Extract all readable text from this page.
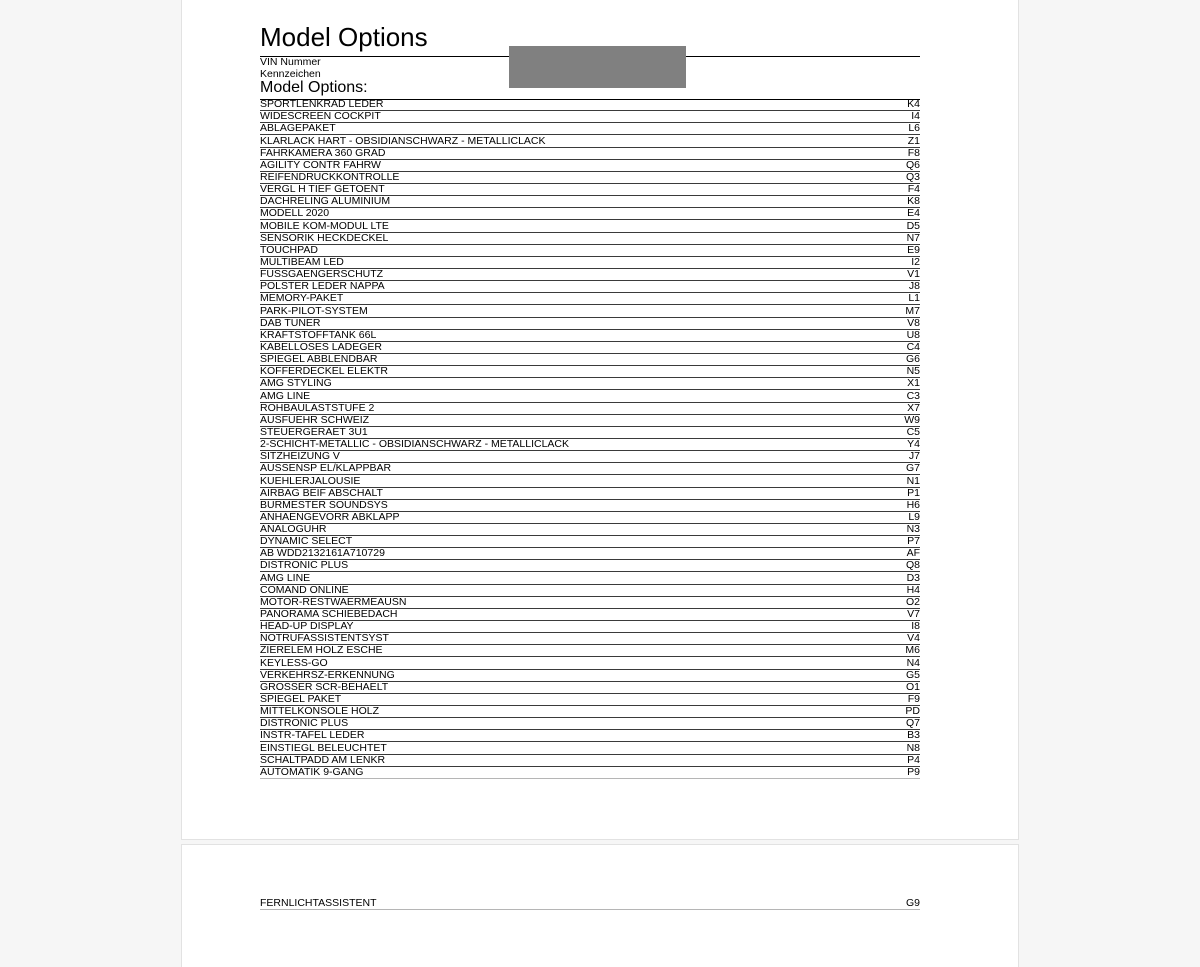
Model Options
VIN Nummer
Kennzeichen
Model Options:
SPORTLENKRAD LEDER	K4
WIDESCREEN COCKPIT	I4
ABLAGEPAKET	L6
KLARLACK HART - OBSIDIANSCHWARZ - METALLICLACK	Z1
FAHRKAMERA 360 GRAD	F8
AGILITY CONTR FAHRW	Q6
REIFENDRUCKKONTROLLE	Q3
VERGL H TIEF GETOENT	F4
DACHRELING ALUMINIUM	K8
MODELL 2020	E4
MOBILE KOM-MODUL LTE	D5
SENSORIK HECKDECKEL	N7
TOUCHPAD	E9
MULTIBEAM LED	I2
FUSSGAENGERSCHUTZ	V1
POLSTER LEDER NAPPA	J8
MEMORY-PAKET	L1
PARK-PILOT-SYSTEM	M7
DAB TUNER	V8
KRAFTSTOFFTANK 66L	U8
KABELLOSES LADEGER	C4
SPIEGEL ABBLENDBAR	G6
KOFFERDECKEL ELEKTR	N5
AMG STYLING	X1
AMG LINE	C3
ROHBAULASTSTUFE 2	X7
AUSFUEHR SCHWEIZ	W9
STEUERGERAET 3U1	C5
2-SCHICHT-METALLIC - OBSIDIANSCHWARZ - METALLICLACK	Y4
SITZHEIZUNG V	J7
AUSSENSP EL/KLAPPBAR	G7
KUEHLERJALOUSIE	N1
AIRBAG BEIF ABSCHALT	P1
BURMESTER SOUNDSYS	H6
ANHAENGEVORR ABKLAPP	L9
ANALOGUHR	N3
DYNAMIC SELECT	P7
AB WDD2132161A710729	AF
DISTRONIC PLUS	Q8
AMG LINE	D3
COMAND ONLINE	H4
MOTOR-RESTWAERMEAUSN	O2
PANORAMA SCHIEBEDACH	V7
HEAD-UP DISPLAY	I8
NOTRUFASSISTENTSYST	V4
ZIERELEM HOLZ ESCHE	M6
KEYLESS-GO	N4
VERKEHRSZ-ERKENNUNG	G5
GROSSER SCR-BEHAELT	O1
SPIEGEL PAKET	F9
MITTELKONSOLE HOLZ	PD
DISTRONIC PLUS	Q7
INSTR-TAFEL LEDER	B3
EINSTIEGL BELEUCHTET	N8
SCHALTPADD AM LENKR	P4
AUTOMATIK 9-GANG	P9
FERNLICHTASSISTENT	G9
